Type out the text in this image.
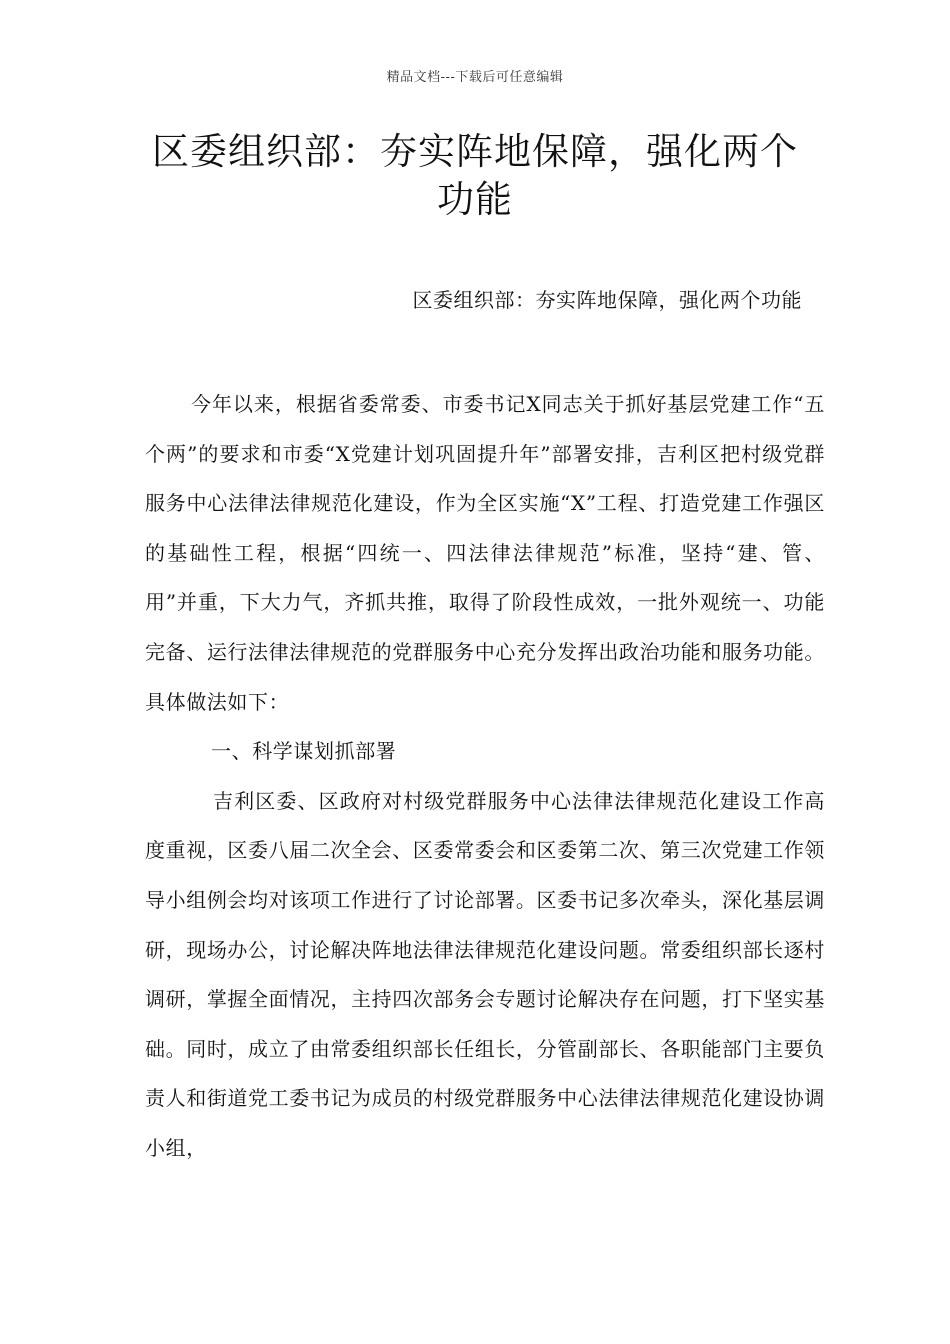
精品文档---下载后可任意编辑
区委组织部：夯实阵地保障，强化两个
功能
区委组织部：夯实阵地保障，强化两个功能

今年以来，根据省委常委、市委书记X同志关于抓好基层党建工作“五个两”的要求和市委“X党建计划巩固提升年”部署安排，吉利区把村级党群服务中心法律法律规范化建设，作为全区实施“X”工程、打造党建工作强区的基础性工程，根据“四统一、四法律法律规范”标准，坚持“建、管、用”并重，下大力气，齐抓共推，取得了阶段性成效，一批外观统一、功能完备、运行法律法律规范的党群服务中心充分发挥出政治功能和服务功能。具体做法如下：

一、科学谋划抓部署

吉利区委、区政府对村级党群服务中心法律法律规范化建设工作高度重视，区委八届二次全会、区委常委会和区委第二次、第三次党建工作领导小组例会均对该项工作进行了讨论部署。区委书记多次牵头，深化基层调研，现场办公，讨论解决阵地法律法律规范化建设问题。常委组织部长逐村调研，掌握全面情况，主持四次部务会专题讨论解决存在问题，打下坚实基础。同时，成立了由常委组织部长任组长，分管副部长、各职能部门主要负责人和街道党工委书记为成员的村级党群服务中心法律法律规范化建设协调小组，
